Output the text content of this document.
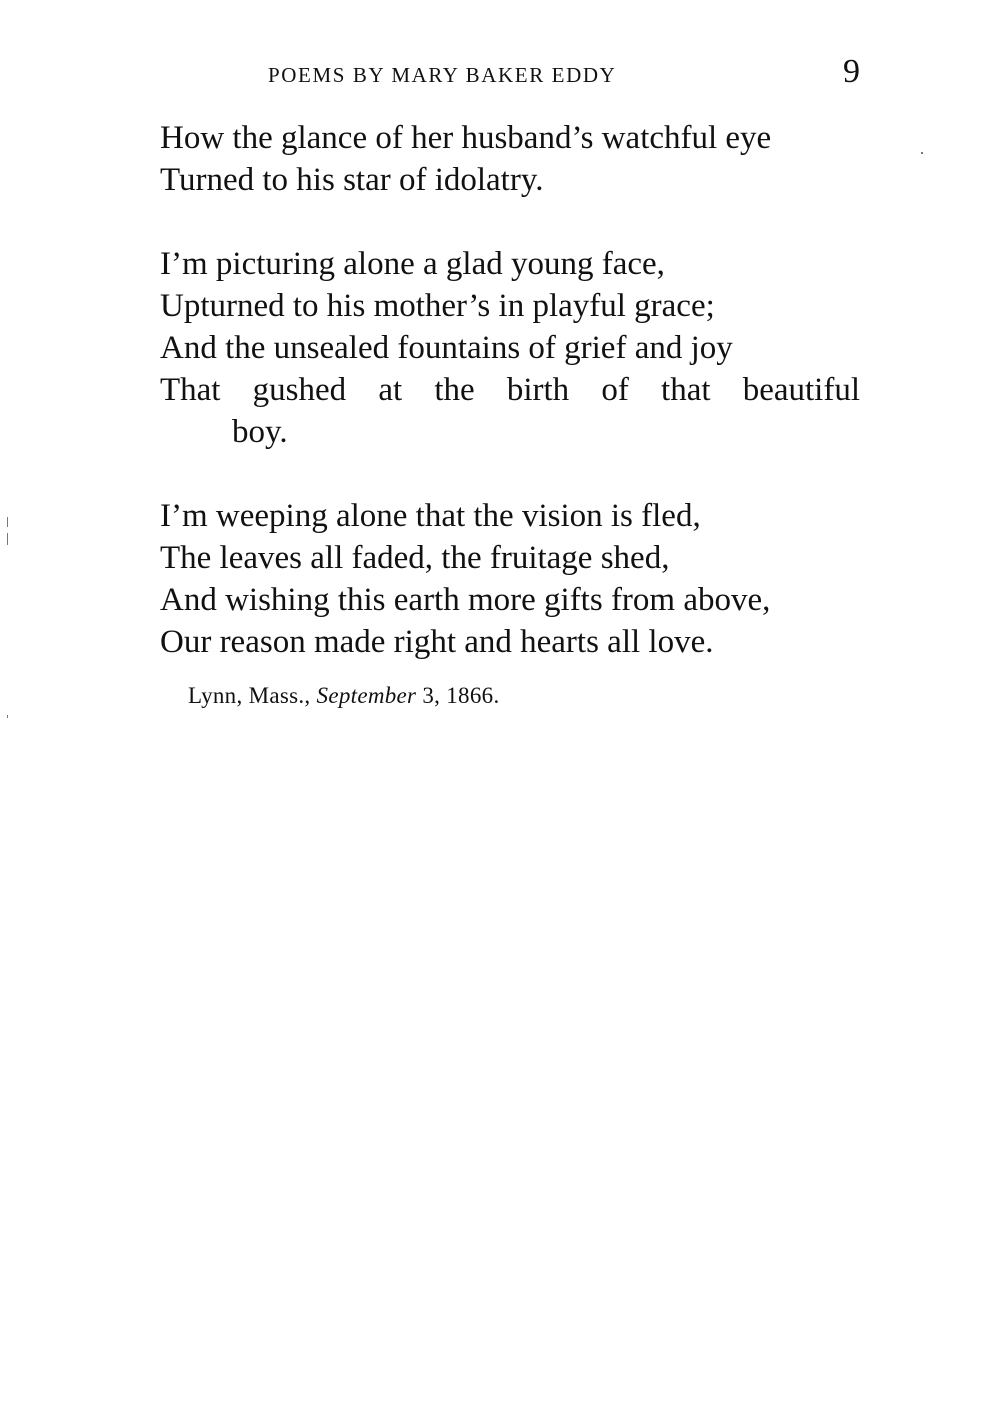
POEMS BY MARY BAKER EDDY	9

How the glance of her husband’s watchful eye
Turned to his star of idolatry.

I’m picturing alone a glad young face,
Upturned to his mother’s in playful grace;
And the unsealed fountains of grief and joy
That gushed at the birth of that beautiful
boy.

I’m weeping alone that the vision is fled,
The leaves all faded, the fruitage shed,
And wishing this earth more gifts from above,
Our reason made right and hearts all love.

Lynn, Mass., September 3, 1866.
